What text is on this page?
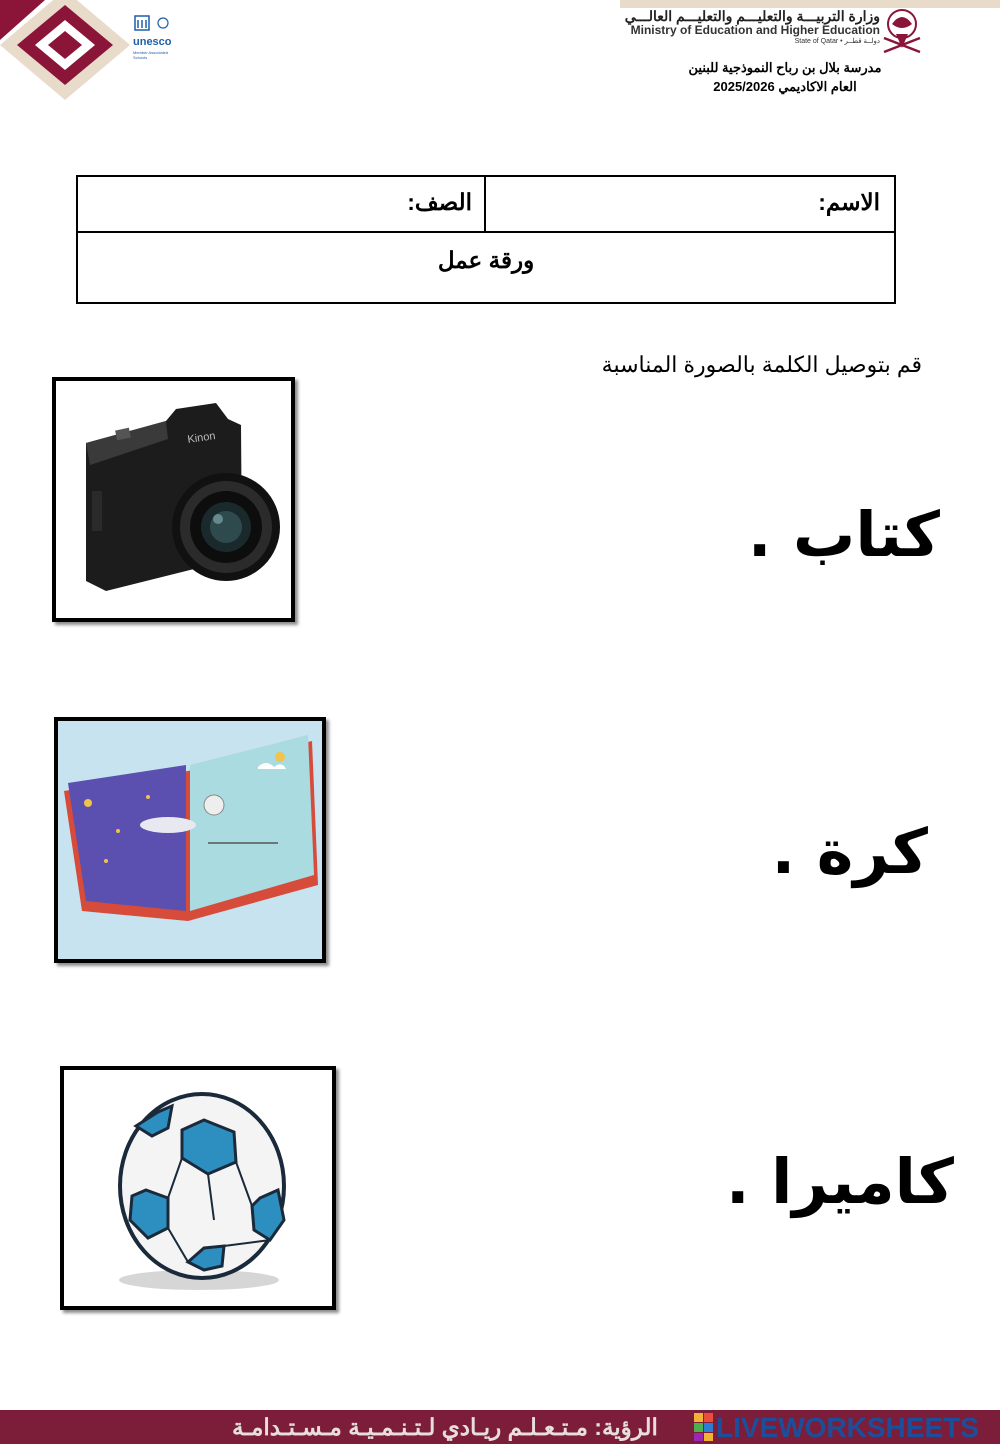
unesco
Member Associated Schools
وزارة التربيـــة والتعليـــم والتعليـــم العالـــي
Ministry of Education and Higher Education
State of Qatar • دولــة قطــر
مدرسة بلال بن رباح النموذجية للبنين
العام الاكاديمي 2025/2026
الاسم:
الصف:
ورقة عمل
قم بتوصيل الكلمة بالصورة المناسبة
كتاب .
كرة .
كاميرا .
Kinon
الرؤية: مـتـعـلـم ريـادي لـتـنـمـيـة مـسـتـدامـة LIVEWORKSHEETS
